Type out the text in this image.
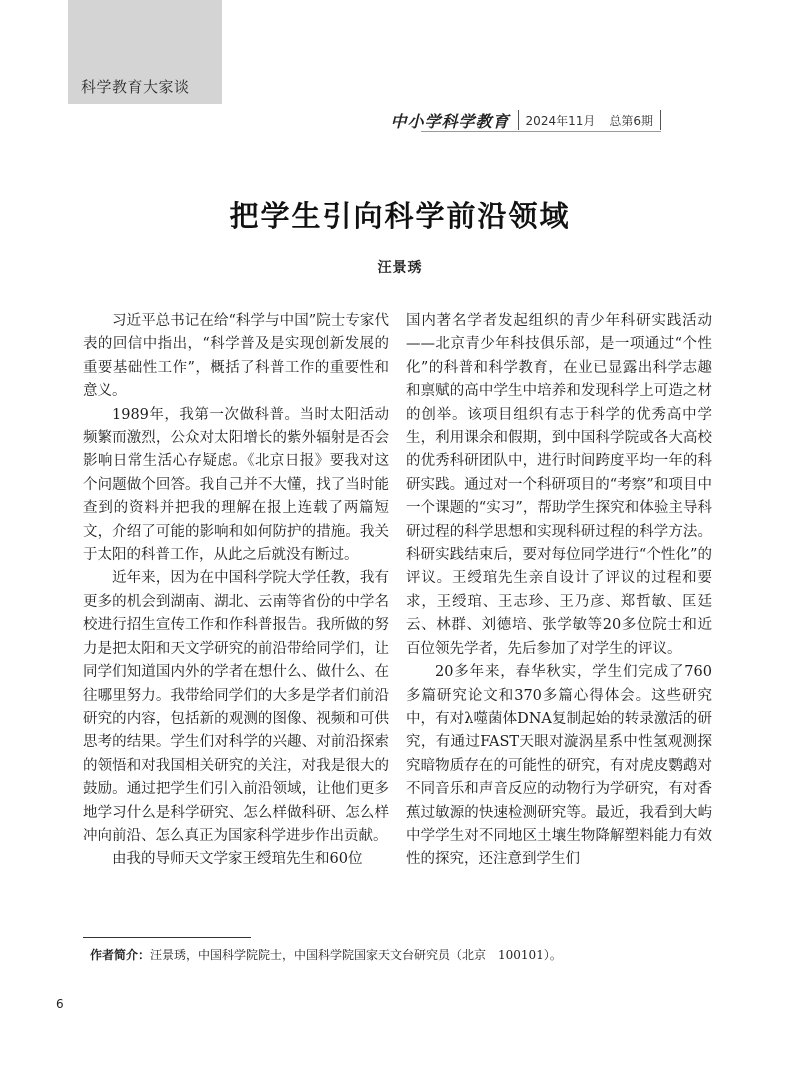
科学教育大家谈
中小学科学教育	2024年11月	总第6期
把学生引向科学前沿领域
汪景琇

习近平总书记在给“科学与中国”院士专家代表的回信中指出，“科学普及是实现创新发展的重要基础性工作”，概括了科普工作的重要性和意义。

1989年，我第一次做科普。当时太阳活动频繁而激烈，公众对太阳增长的紫外辐射是否会影响日常生活心存疑虑。《北京日报》要我对这个问题做个回答。我自己并不大懂，找了当时能查到的资料并把我的理解在报上连载了两篇短文，介绍了可能的影响和如何防护的措施。我关于太阳的科普工作，从此之后就没有断过。

近年来，因为在中国科学院大学任教，我有更多的机会到湖南、湖北、云南等省份的中学名校进行招生宣传工作和作科普报告。我所做的努力是把太阳和天文学研究的前沿带给同学们，让同学们知道国内外的学者在想什么、做什么、在往哪里努力。我带给同学们的大多是学者们前沿研究的内容，包括新的观测的图像、视频和可供思考的结果。学生们对科学的兴趣、对前沿探索的领悟和对我国相关研究的关注，对我是很大的鼓励。通过把学生们引入前沿领域，让他们更多地学习什么是科学研究、怎么样做科研、怎么样冲向前沿、怎么真正为国家科学进步作出贡献。

由我的导师天文学家王绶琯先生和60位

国内著名学者发起组织的青少年科研实践活动——北京青少年科技俱乐部，是一项通过“个性化”的科普和科学教育，在业已显露出科学志趣和禀赋的高中学生中培养和发现科学上可造之材的创举。该项目组织有志于科学的优秀高中学生，利用课余和假期，到中国科学院或各大高校的优秀科研团队中，进行时间跨度平均一年的科研实践。通过对一个科研项目的“考察”和项目中一个课题的“实习”，帮助学生探究和体验主导科研过程的科学思想和实现科研过程的科学方法。科研实践结束后，要对每位同学进行“个性化”的评议。王绶琯先生亲自设计了评议的过程和要求，王绶琯、王志珍、王乃彦、郑哲敏、匡廷云、林群、刘德培、张学敏等20多位院士和近百位领先学者，先后参加了对学生的评议。

20多年来，春华秋实，学生们完成了760多篇研究论文和370多篇心得体会。这些研究中，有对λ噬菌体DNA复制起始的转录激活的研究，有通过FAST天眼对漩涡星系中性氢观测探究暗物质存在的可能性的研究，有对虎皮鹦鹉对不同音乐和声音反应的动物行为学研究，有对香蕉过敏源的快速检测研究等。最近，我看到大屿中学学生对不同地区土壤生物降解塑料能力有效性的探究，还注意到学生们

作者简介：汪景琇，中国科学院院士，中国科学院国家天文台研究员（北京　100101）。
6
